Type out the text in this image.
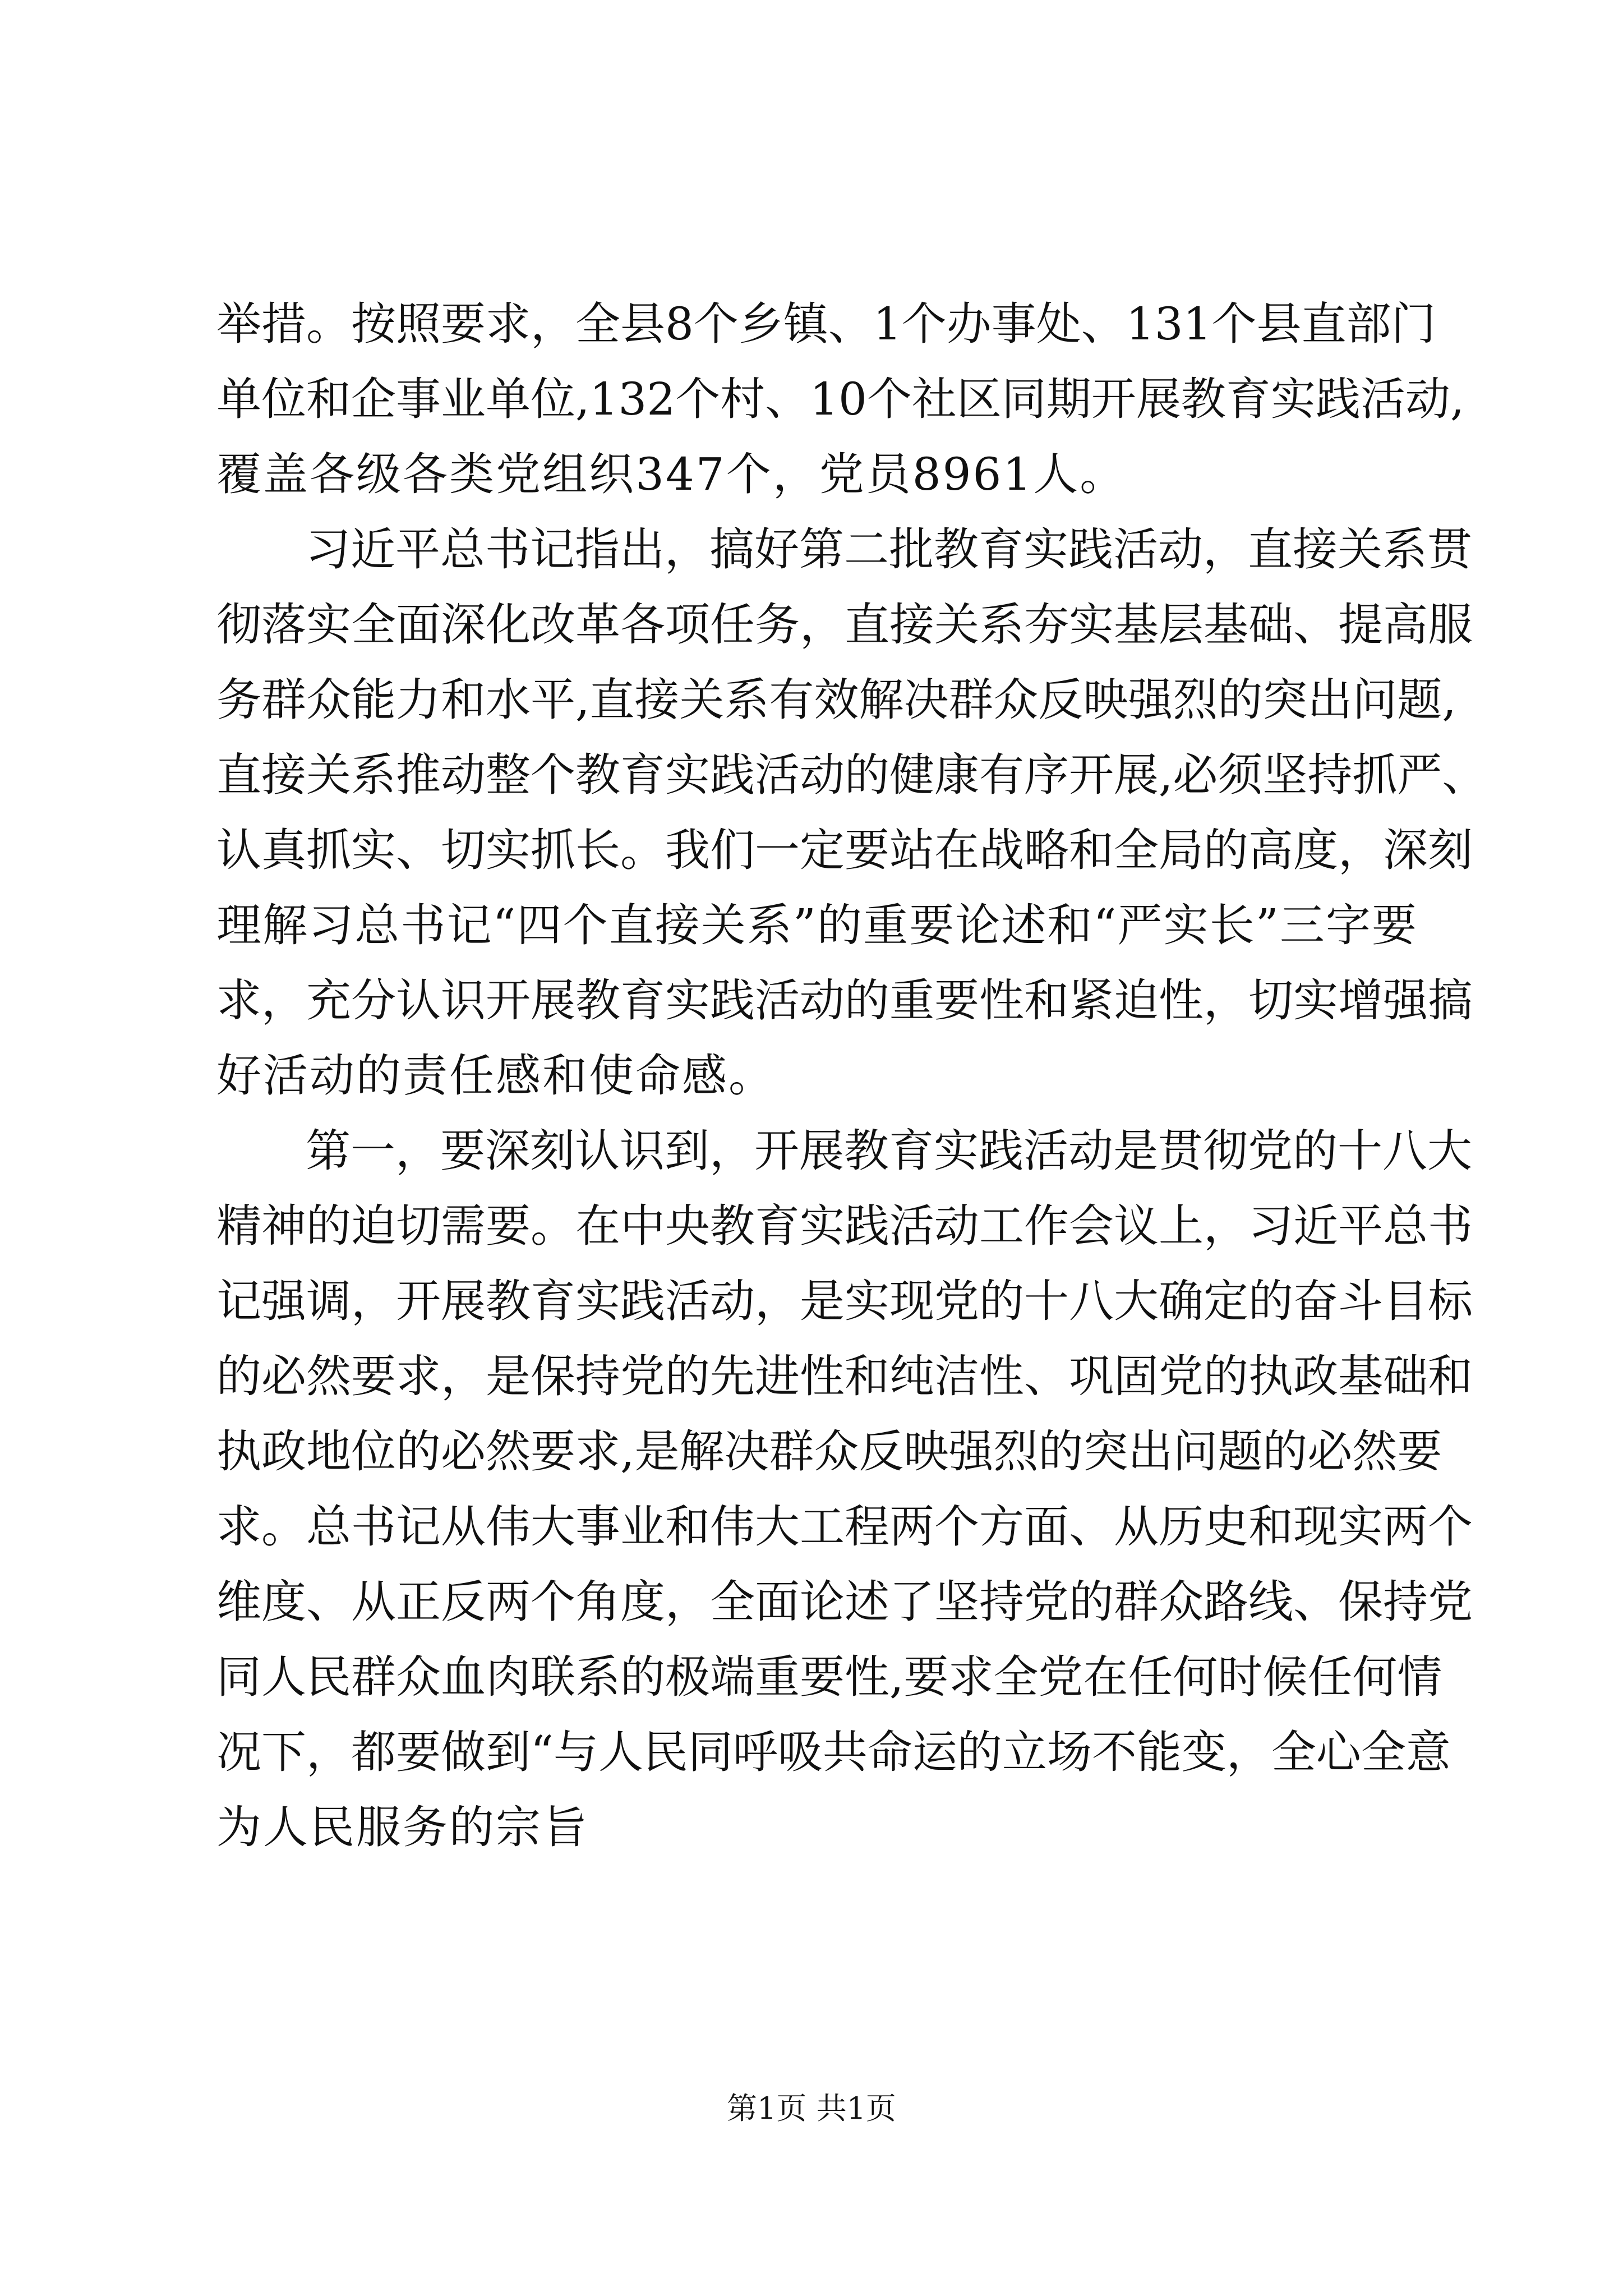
举措。按照要求，全县8个乡镇、1个办事处、131个县直部门
单位和企事业单位,132个村、10个社区同期开展教育实践活动,
覆盖各级各类党组织347个，党员8961人。
习近平总书记指出，搞好第二批教育实践活动，直接关系贯
彻落实全面深化改革各项任务，直接关系夯实基层基础、提高服
务群众能力和水平,直接关系有效解决群众反映强烈的突出问题,
直接关系推动整个教育实践活动的健康有序开展,必须坚持抓严、
认真抓实、切实抓长。我们一定要站在战略和全局的高度，深刻
理解习总书记“四个直接关系”的重要论述和“严实长”三字要
求，充分认识开展教育实践活动的重要性和紧迫性，切实增强搞
好活动的责任感和使命感。
第一，要深刻认识到，开展教育实践活动是贯彻党的十八大
精神的迫切需要。在中央教育实践活动工作会议上，习近平总书
记强调，开展教育实践活动，是实现党的十八大确定的奋斗目标
的必然要求，是保持党的先进性和纯洁性、巩固党的执政基础和
执政地位的必然要求,是解决群众反映强烈的突出问题的必然要
求。总书记从伟大事业和伟大工程两个方面、从历史和现实两个
维度、从正反两个角度，全面论述了坚持党的群众路线、保持党
同人民群众血肉联系的极端重要性,要求全党在任何时候任何情
况下，都要做到“与人民同呼吸共命运的立场不能变，全心全意
为人民服务的宗旨
第1页 共1页
